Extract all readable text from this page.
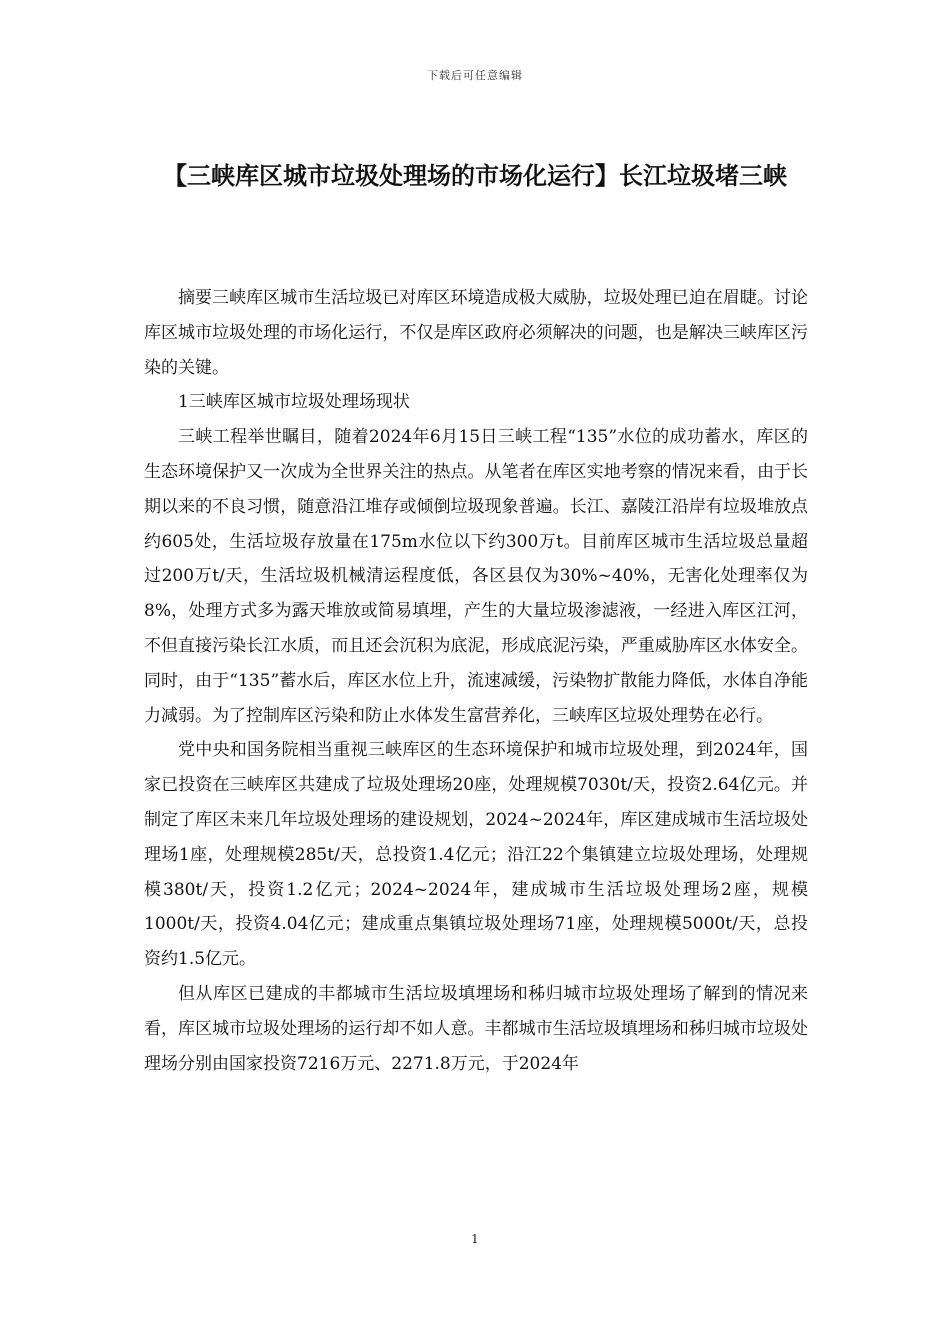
下载后可任意编辑
【三峡库区城市垃圾处理场的市场化运行】长江垃圾堵三峡

摘要三峡库区城市生活垃圾已对库区环境造成极大威胁，垃圾处理已迫在眉睫。讨论库区城市垃圾处理的市场化运行，不仅是库区政府必须解决的问题，也是解决三峡库区污染的关键。

1三峡库区城市垃圾处理场现状

三峡工程举世瞩目，随着2024年6月15日三峡工程“135”水位的成功蓄水，库区的生态环境保护又一次成为全世界关注的热点。从笔者在库区实地考察的情况来看，由于长期以来的不良习惯，随意沿江堆存或倾倒垃圾现象普遍。长江、嘉陵江沿岸有垃圾堆放点约605处，生活垃圾存放量在175m水位以下约300万t。目前库区城市生活垃圾总量超过200万t/天，生活垃圾机械清运程度低，各区县仅为30%~40%，无害化处理率仅为8%，处理方式多为露天堆放或简易填埋，产生的大量垃圾渗滤液，一经进入库区江河，不但直接污染长江水质，而且还会沉积为底泥，形成底泥污染，严重威胁库区水体安全。同时，由于“135”蓄水后，库区水位上升，流速减缓，污染物扩散能力降低，水体自净能力减弱。为了控制库区污染和防止水体发生富营养化，三峡库区垃圾处理势在必行。

党中央和国务院相当重视三峡库区的生态环境保护和城市垃圾处理，到2024年，国家已投资在三峡库区共建成了垃圾处理场20座，处理规模7030t/天，投资2.64亿元。并制定了库区未来几年垃圾处理场的建设规划，2024~2024年，库区建成城市生活垃圾处理场1座，处理规模285t/天，总投资1.4亿元；沿江22个集镇建立垃圾处理场，处理规模380t/天，投资1.2亿元；2024~2024年，建成城市生活垃圾处理场2座，规模1000t/天，投资4.04亿元；建成重点集镇垃圾处理场71座，处理规模5000t/天，总投资约1.5亿元。

但从库区已建成的丰都城市生活垃圾填埋场和秭归城市垃圾处理场了解到的情况来看，库区城市垃圾处理场的运行却不如人意。丰都城市生活垃圾填埋场和秭归城市垃圾处理场分别由国家投资7216万元、2271.8万元，于2024年

1
